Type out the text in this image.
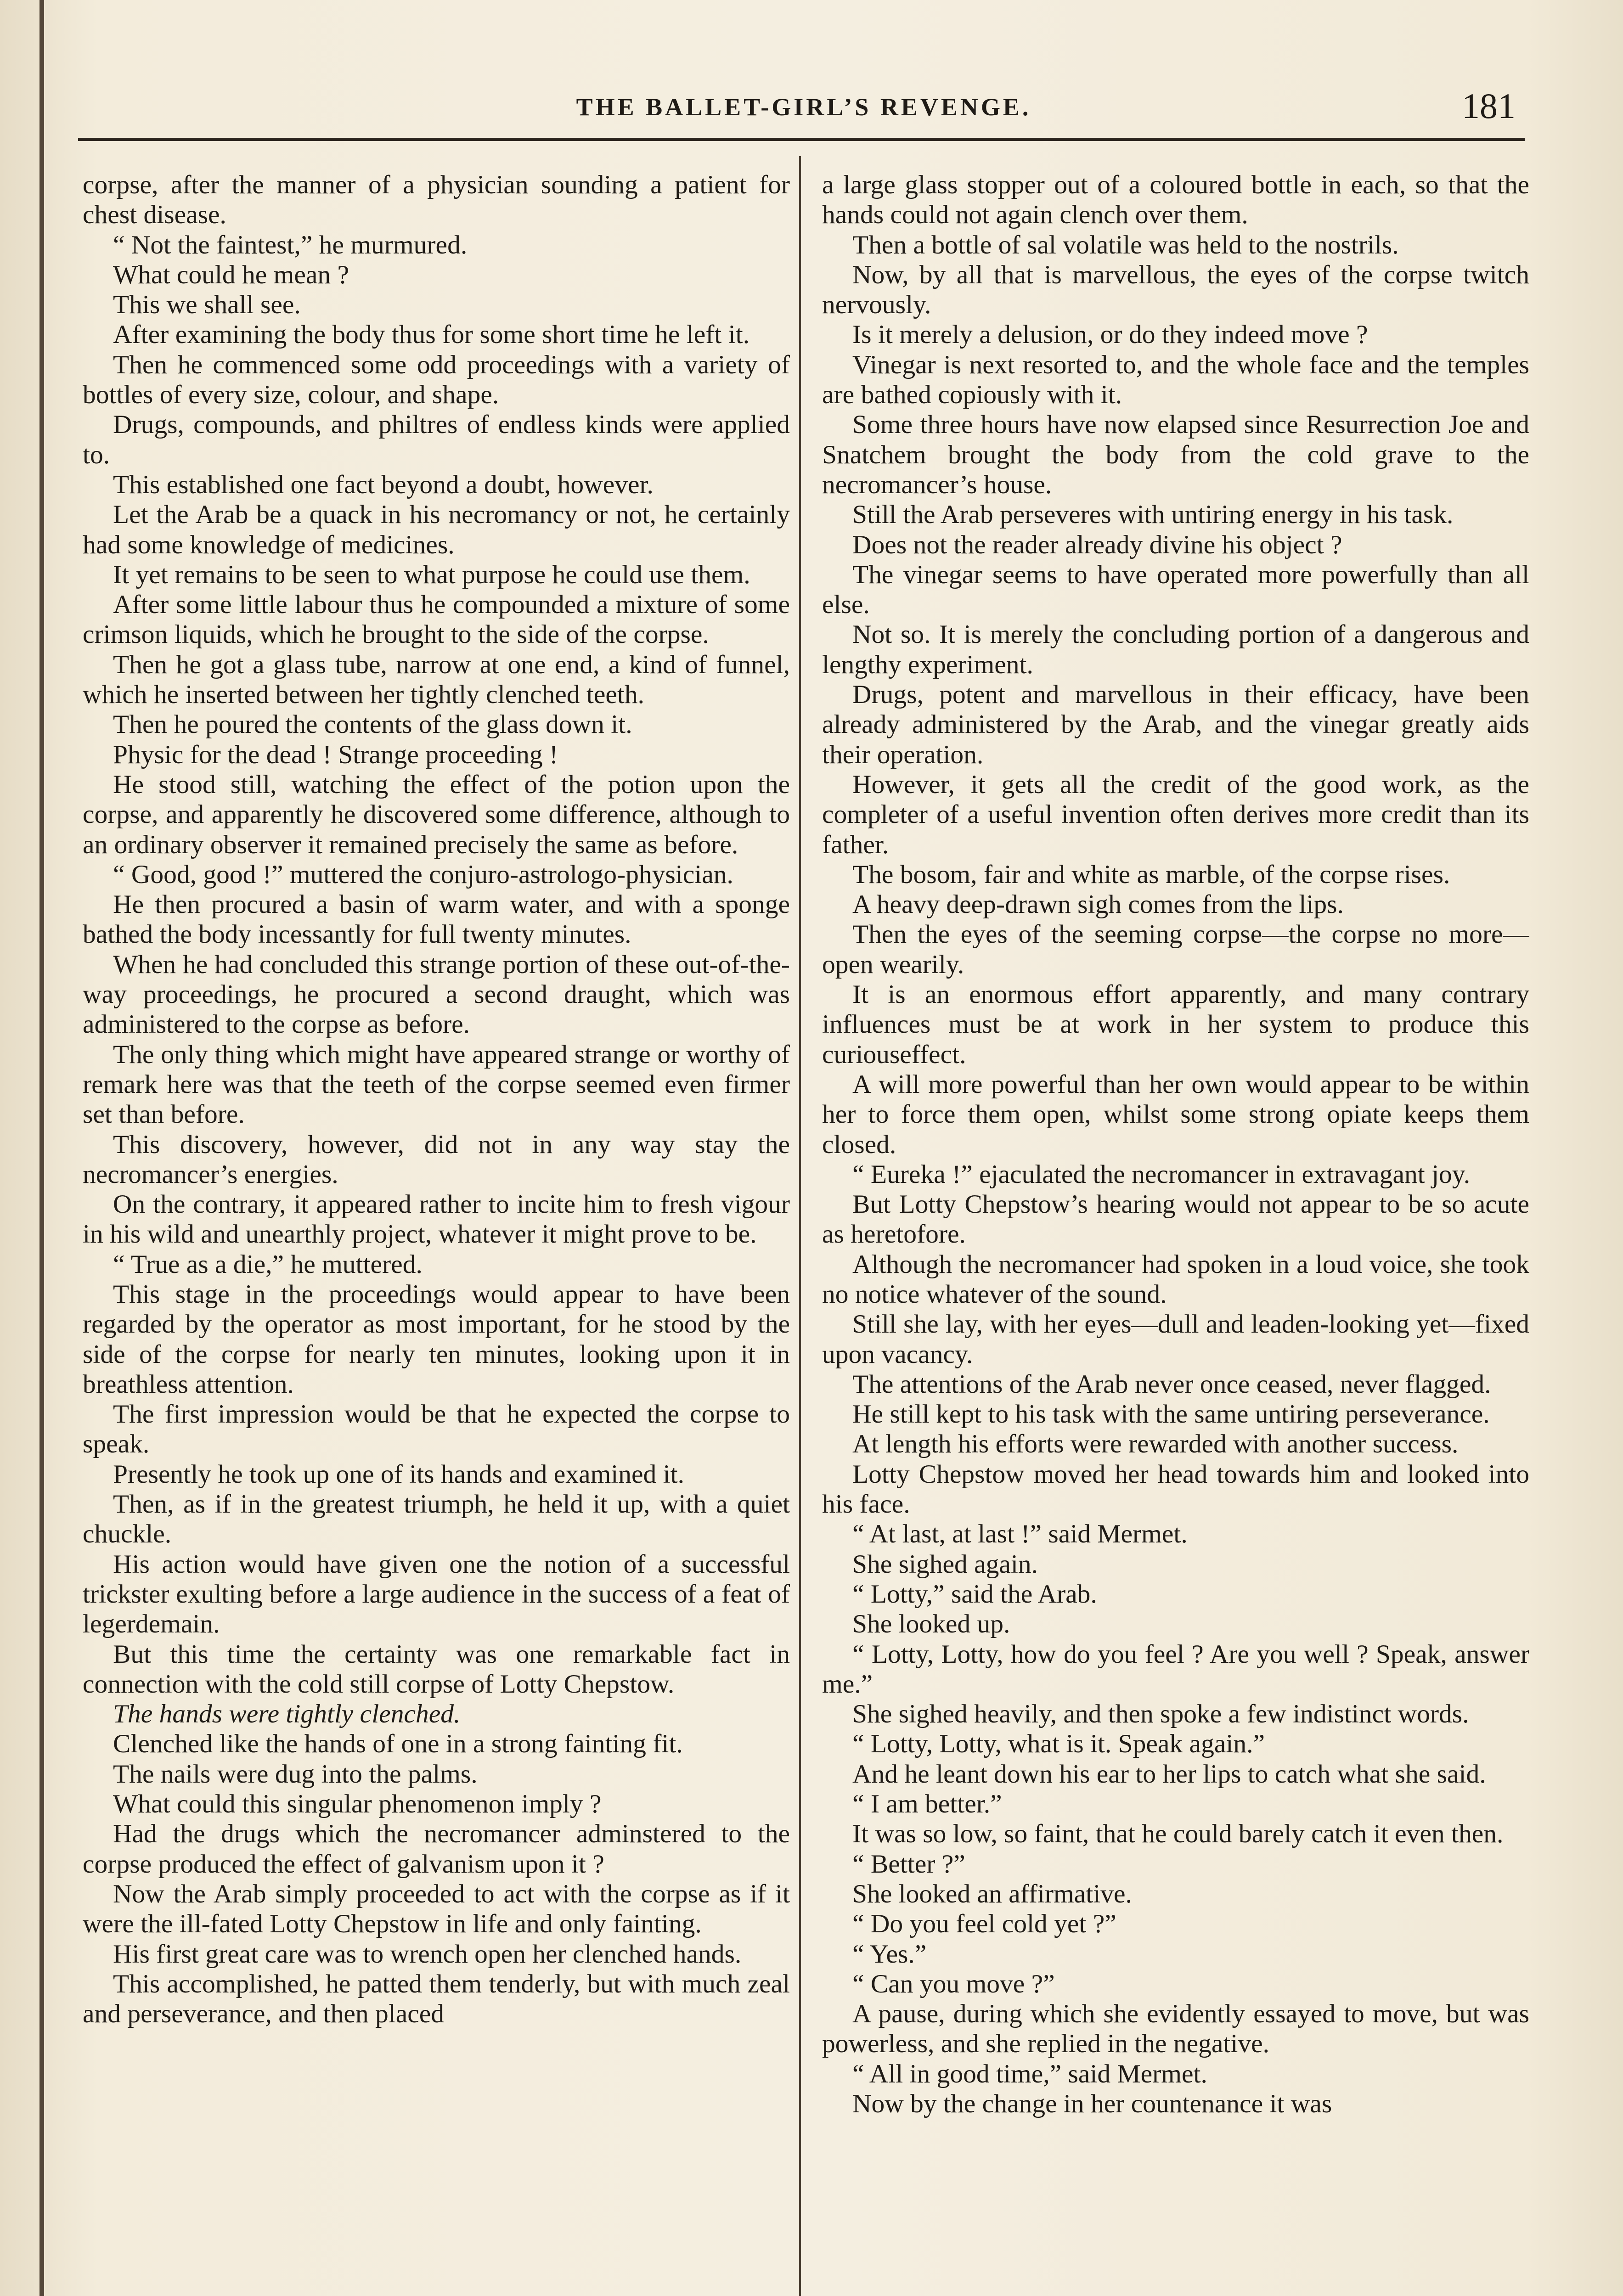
THE BALLET-GIRL’S REVENGE.	181

corpse, after the manner of a physician sounding a patient for chest disease.

“ Not the faintest,” he murmured.

What could he mean ?

This we shall see.

After examining the body thus for some short time he left it.

Then he commenced some odd proceedings with a variety of bottles of every size, colour, and shape.

Drugs, compounds, and philtres of endless kinds were applied to.

This established one fact beyond a doubt, however.

Let the Arab be a quack in his necromancy or not, he certainly had some knowledge of medicines.

It yet remains to be seen to what purpose he could use them.

After some little labour thus he compounded a mixture of some crimson liquids, which he brought to the side of the corpse.

Then he got a glass tube, narrow at one end, a kind of funnel, which he inserted between her tightly clenched teeth.

Then he poured the contents of the glass down it.

Physic for the dead ! Strange proceeding !

He stood still, watching the effect of the potion upon the corpse, and apparently he discovered some difference, although to an ordinary observer it remained precisely the same as before.

“ Good, good !” muttered the conjuro-astrologo-physician.

He then procured a basin of warm water, and with a sponge bathed the body incessantly for full twenty minutes.

When he had concluded this strange portion of these out-of-the-way proceedings, he procured a second draught, which was administered to the corpse as before.

The only thing which might have appeared strange or worthy of remark here was that the teeth of the corpse seemed even firmer set than before.

This discovery, however, did not in any way stay the necromancer’s energies.

On the contrary, it appeared rather to incite him to fresh vigour in his wild and unearthly project, whatever it might prove to be.

“ True as a die,” he muttered.

This stage in the proceedings would appear to have been regarded by the operator as most important, for he stood by the side of the corpse for nearly ten minutes, looking upon it in breathless attention.

The first impression would be that he expected the corpse to speak.

Presently he took up one of its hands and examined it.

Then, as if in the greatest triumph, he held it up, with a quiet chuckle.

His action would have given one the notion of a successful trickster exulting before a large audience in the success of a feat of legerdemain.

But this time the certainty was one remarkable fact in connection with the cold still corpse of Lotty Chepstow.

The hands were tightly clenched.

Clenched like the hands of one in a strong fainting fit.

The nails were dug into the palms.

What could this singular phenomenon imply ?

Had the drugs which the necromancer adminstered to the corpse produced the effect of galvanism upon it ?

Now the Arab simply proceeded to act with the corpse as if it were the ill-fated Lotty Chepstow in life and only fainting.

His first great care was to wrench open her clenched hands.

This accomplished, he patted them tenderly, but with much zeal and perseverance, and then placed

a large glass stopper out of a coloured bottle in each, so that the hands could not again clench over them.

Then a bottle of sal volatile was held to the nostrils.

Now, by all that is marvellous, the eyes of the corpse twitch nervously.

Is it merely a delusion, or do they indeed move ?

Vinegar is next resorted to, and the whole face and the temples are bathed copiously with it.

Some three hours have now elapsed since Resurrection Joe and Snatchem brought the body from the cold grave to the necromancer’s house.

Still the Arab perseveres with untiring energy in his task.

Does not the reader already divine his object ?

The vinegar seems to have operated more powerfully than all else.

Not so. It is merely the concluding portion of a dangerous and lengthy experiment.

Drugs, potent and marvellous in their efficacy, have been already administered by the Arab, and the vinegar greatly aids their operation.

However, it gets all the credit of the good work, as the completer of a useful invention often derives more credit than its father.

The bosom, fair and white as marble, of the corpse rises.

A heavy deep-drawn sigh comes from the lips.

Then the eyes of the seeming corpse—the corpse no more—open wearily.

It is an enormous effort apparently, and many contrary influences must be at work in her system to produce this curiouseffect.

A will more powerful than her own would appear to be within her to force them open, whilst some strong opiate keeps them closed.

“ Eureka !” ejaculated the necromancer in extravagant joy.

But Lotty Chepstow’s hearing would not appear to be so acute as heretofore.

Although the necromancer had spoken in a loud voice, she took no notice whatever of the sound.

Still she lay, with her eyes—dull and leaden-looking yet—fixed upon vacancy.

The attentions of the Arab never once ceased, never flagged.

He still kept to his task with the same untiring perseverance.

At length his efforts were rewarded with another success.

Lotty Chepstow moved her head towards him and looked into his face.

“ At last, at last !” said Mermet.

She sighed again.

“ Lotty,” said the Arab.

She looked up.

“ Lotty, Lotty, how do you feel ? Are you well ? Speak, answer me.”

She sighed heavily, and then spoke a few indistinct words.

“ Lotty, Lotty, what is it. Speak again.”

And he leant down his ear to her lips to catch what she said.

“ I am better.”

It was so low, so faint, that he could barely catch it even then.

“ Better ?”

She looked an affirmative.

“ Do you feel cold yet ?”

“ Yes.”

“ Can you move ?”

A pause, during which she evidently essayed to move, but was powerless, and she replied in the negative.

“ All in good time,” said Mermet.

Now by the change in her countenance it was
